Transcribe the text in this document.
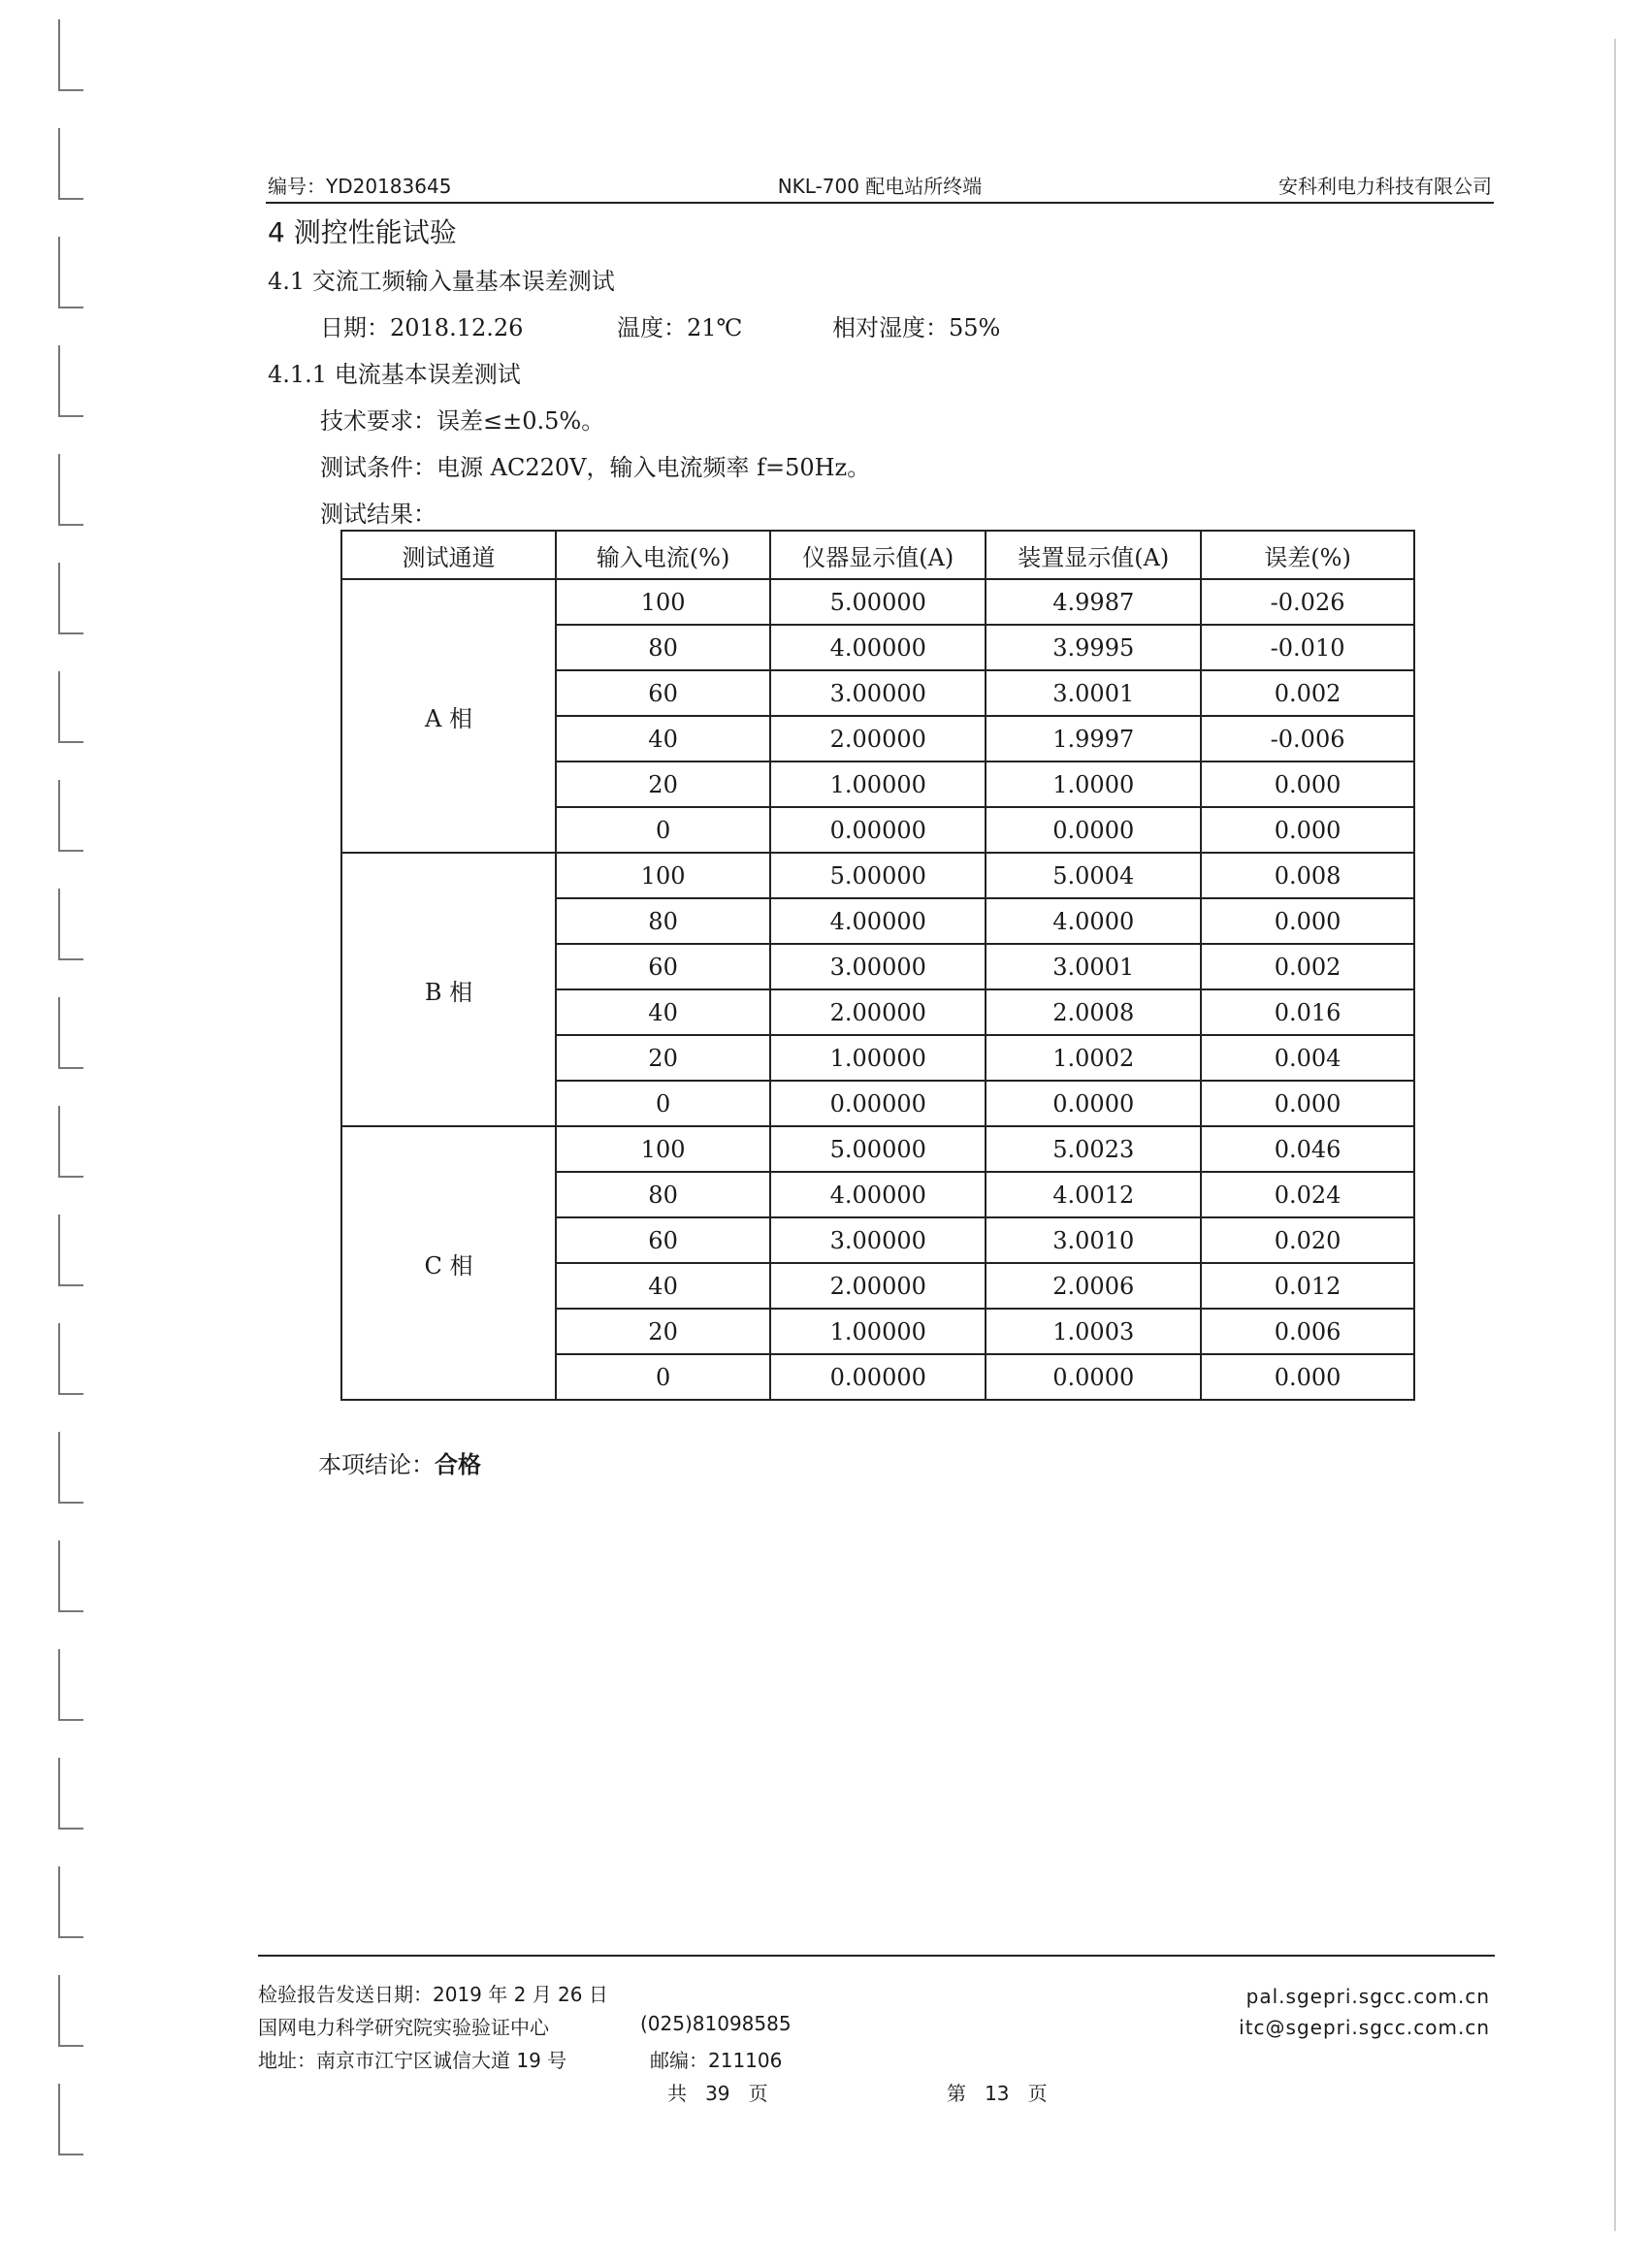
编号：YD20183645	NKL-700 配电站所终端	安科利电力科技有限公司
4 测控性能试验
4.1 交流工频输入量基本误差测试
日期：2018.12.26	温度：21℃	相对湿度：55%
4.1.1 电流基本误差测试
技术要求：误差≤±0.5%。
测试条件：电源 AC220V，输入电流频率 f=50Hz。
测试结果：
测试通道	输入电流(%)	仪器显示值(A)	装置显示值(A)	误差(%)
A 相	100	5.00000	4.9987	-0.026
	80	4.00000	3.9995	-0.010
	60	3.00000	3.0001	0.002
	40	2.00000	1.9997	-0.006
	20	1.00000	1.0000	0.000
	0	0.00000	0.0000	0.000
B 相	100	5.00000	5.0004	0.008
	80	4.00000	4.0000	0.000
	60	3.00000	3.0001	0.002
	40	2.00000	2.0008	0.016
	20	1.00000	1.0002	0.004
	0	0.00000	0.0000	0.000
C 相	100	5.00000	5.0023	0.046
	80	4.00000	4.0012	0.024
	60	3.00000	3.0010	0.020
	40	2.00000	2.0006	0.012
	20	1.00000	1.0003	0.006
	0	0.00000	0.0000	0.000
本项结论：合格
检验报告发送日期：2019 年 2 月 26 日
国网电力科学研究院实验验证中心	(025)81098585
地址：南京市江宁区诚信大道 19 号	邮编：211106
pal.sgepri.sgcc.com.cn
itc@sgepri.sgcc.com.cn
共   39   页	第   13   页
